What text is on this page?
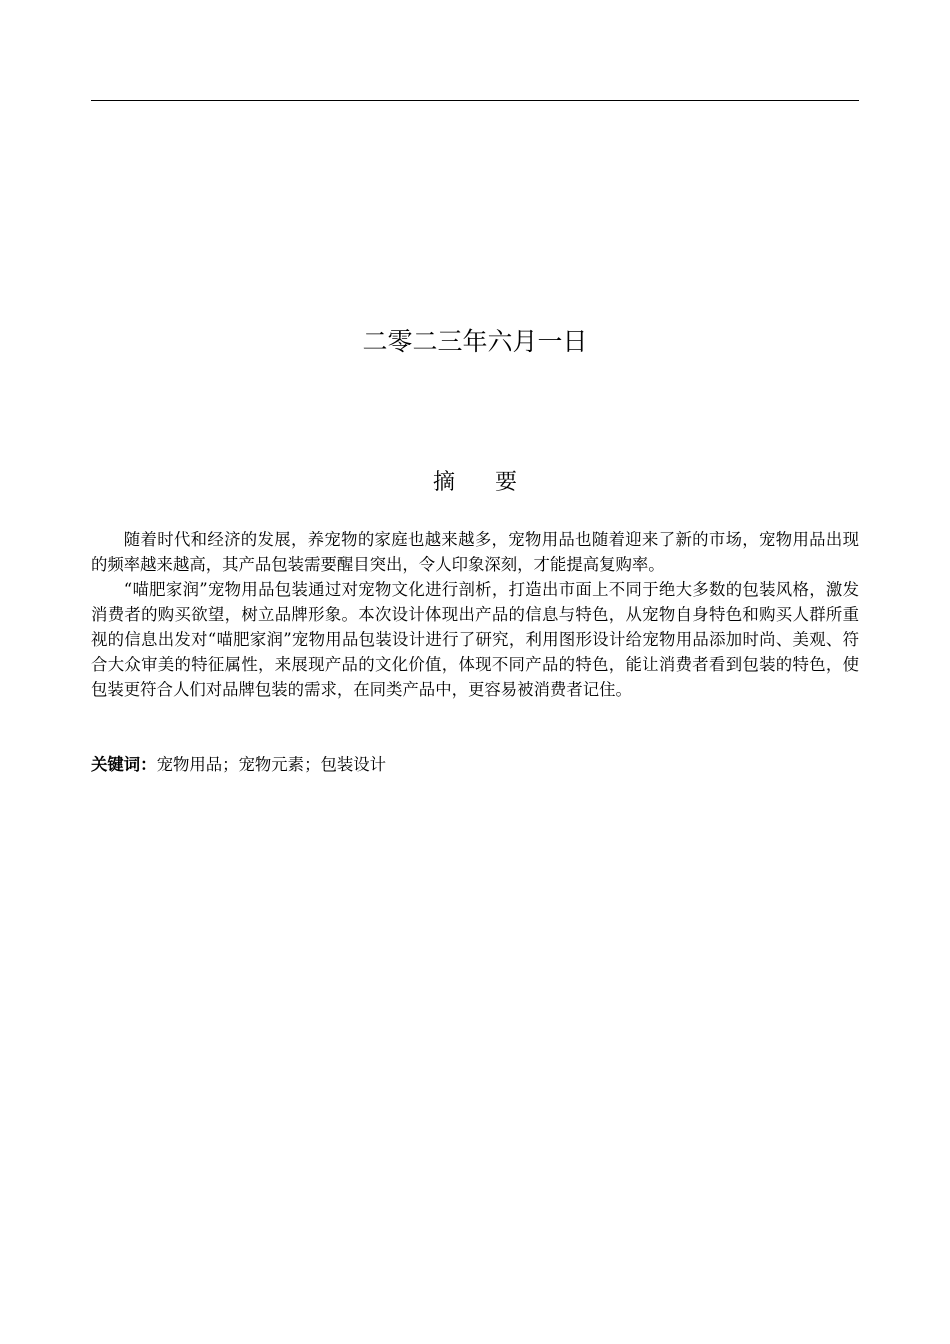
二零二三年六月一日
摘 要

随着时代和经济的发展，养宠物的家庭也越来越多，宠物用品也随着迎来了新的市场，宠物用品出现的频率越来越高，其产品包装需要醒目突出，令人印象深刻，才能提高复购率。

“喵肥家润”宠物用品包装通过对宠物文化进行剖析，打造出市面上不同于绝大多数的包装风格，激发消费者的购买欲望，树立品牌形象。本次设计体现出产品的信息与特色，从宠物自身特色和购买人群所重视的信息出发对“喵肥家润”宠物用品包装设计进行了研究，利用图形设计给宠物用品添加时尚、美观、符合大众审美的特征属性，来展现产品的文化价值，体现不同产品的特色，能让消费者看到包装的特色，使包装更符合人们对品牌包装的需求，在同类产品中，更容易被消费者记住。

关键词：宠物用品；宠物元素；包装设计
